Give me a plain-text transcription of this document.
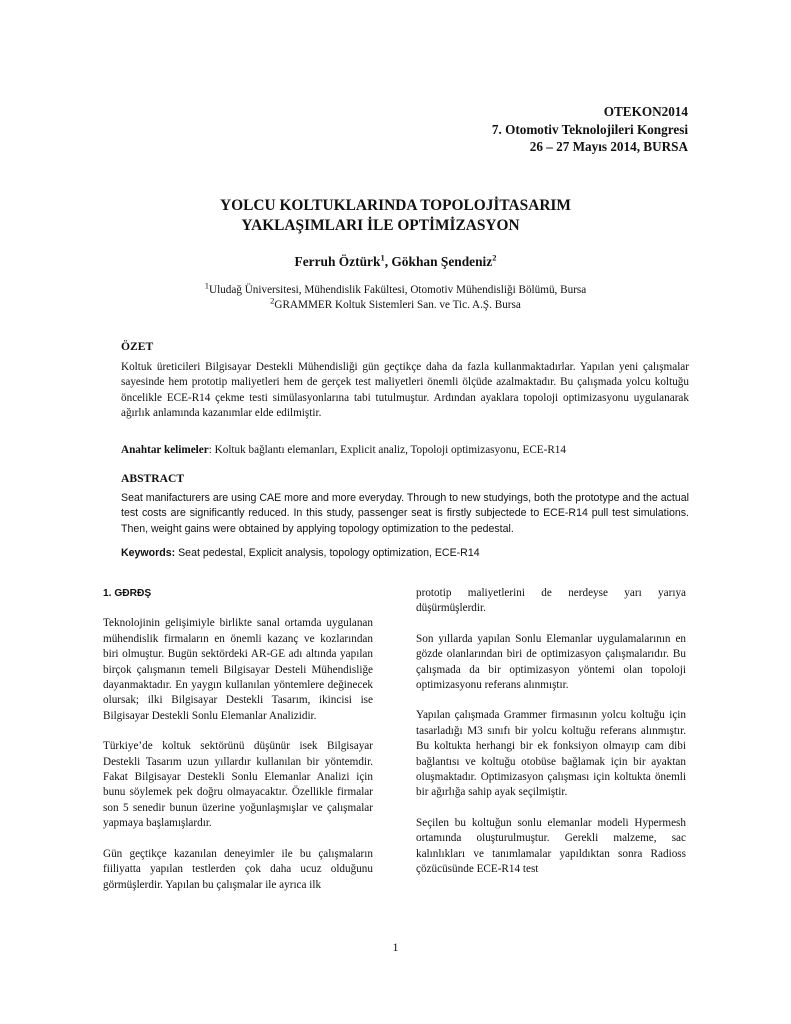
OTEKON2014
7. Otomotiv Teknolojileri Kongresi
26 – 27 Mayıs 2014, BURSA
YOLCU KOLTUKLARINDA TOPOLOJİTASARIM
YAKLAŞIMLARI İLE OPTİMİZASYON
Ferruh Öztürk$^1$, Gökhan Şendeniz$^2$
$^1$Uludağ Üniversitesi, Mühendislik Fakültesi, Otomotiv Mühendisliği Bölümü, Bursa
$^2$GRAMMER Koltuk Sistemleri San. ve Tic. A.Ş. Bursa
ÖZET
Koltuk üreticileri Bilgisayar Destekli Mühendisliği gün geçtikçe daha da fazla kullanmaktadırlar. Yapılan yeni çalışmalar sayesinde hem prototip maliyetleri hem de gerçek test maliyetleri önemli ölçüde azalmaktadır. Bu çalışmada yolcu koltuğu öncelikle ECE-R14 çekme testi simülasyonlarına tabi tutulmuştur. Ardından ayaklara topoloji optimizasyonu uygulanarak ağırlık anlamında kazanımlar elde edilmiştir.
Anahtar kelimeler: Koltuk bağlantı elemanları, Explicit analiz, Topoloji optimizasyonu, ECE-R14
ABSTRACT
Seat manifacturers are using CAE more and more everyday. Through to new studyings, both the prototype and the actual test costs are significantly reduced. In this study, passenger seat is firstly subjectede to ECE-R14 pull test simulations. Then, weight gains were obtained by applying topology optimization to the pedestal.
Keywords: Seat pedestal, Explicit analysis, topology optimization, ECE-R14

1. GĐRĐŞ

Teknolojinin gelişimiyle birlikte sanal ortamda uygulanan mühendislik firmaların en önemli kazanç ve kozlarından biri olmuştur. Bugün sektördeki AR-GE adı altında yapılan birçok çalışmanın temeli Bilgisayar Desteli Mühendisliğe dayanmaktadır. En yaygın kullanılan yöntemlere değinecek olursak; ilki Bilgisayar Destekli Tasarım, ikincisi ise Bilgisayar Destekli Sonlu Elemanlar Analizidir.

Türkiye’de koltuk sektörünü düşünür isek Bilgisayar Destekli Tasarım uzun yıllardır kullanılan bir yöntemdir. Fakat Bilgisayar Destekli Sonlu Elemanlar Analizi için bunu söylemek pek doğru olmayacaktır. Özellikle firmalar son 5 senedir bunun üzerine yoğunlaşmışlar ve çalışmalar yapmaya başlamışlardır.

Gün geçtikçe kazanılan deneyimler ile bu çalışmaların fiiliyatta yapılan testlerden çok daha ucuz olduğunu görmüşlerdir. Yapılan bu çalışmalar ile ayrıca ilk

prototip maliyetlerini de nerdeyse yarı yarıya düşürmüşlerdir.

Son yıllarda yapılan Sonlu Elemanlar uygulamalarının en gözde olanlarından biri de optimizasyon çalışmalarıdır. Bu çalışmada da bir optimizasyon yöntemi olan topoloji optimizasyonu referans alınmıştır.

Yapılan çalışmada Grammer firmasının yolcu koltuğu için tasarladığı M3 sınıfı bir yolcu koltuğu referans alınmıştır. Bu koltukta herhangi bir ek fonksiyon olmayıp cam dibi bağlantısı ve koltuğu otobüse bağlamak için bir ayaktan oluşmaktadır. Optimizasyon çalışması için koltukta önemli bir ağırlığa sahip ayak seçilmiştir.

Seçilen bu koltuğun sonlu elemanlar modeli Hypermesh ortamında oluşturulmuştur. Gerekli malzeme, sac kalınlıkları ve tanımlamalar yapıldıktan sonra Radioss çözücüsünde ECE-R14 test

1
